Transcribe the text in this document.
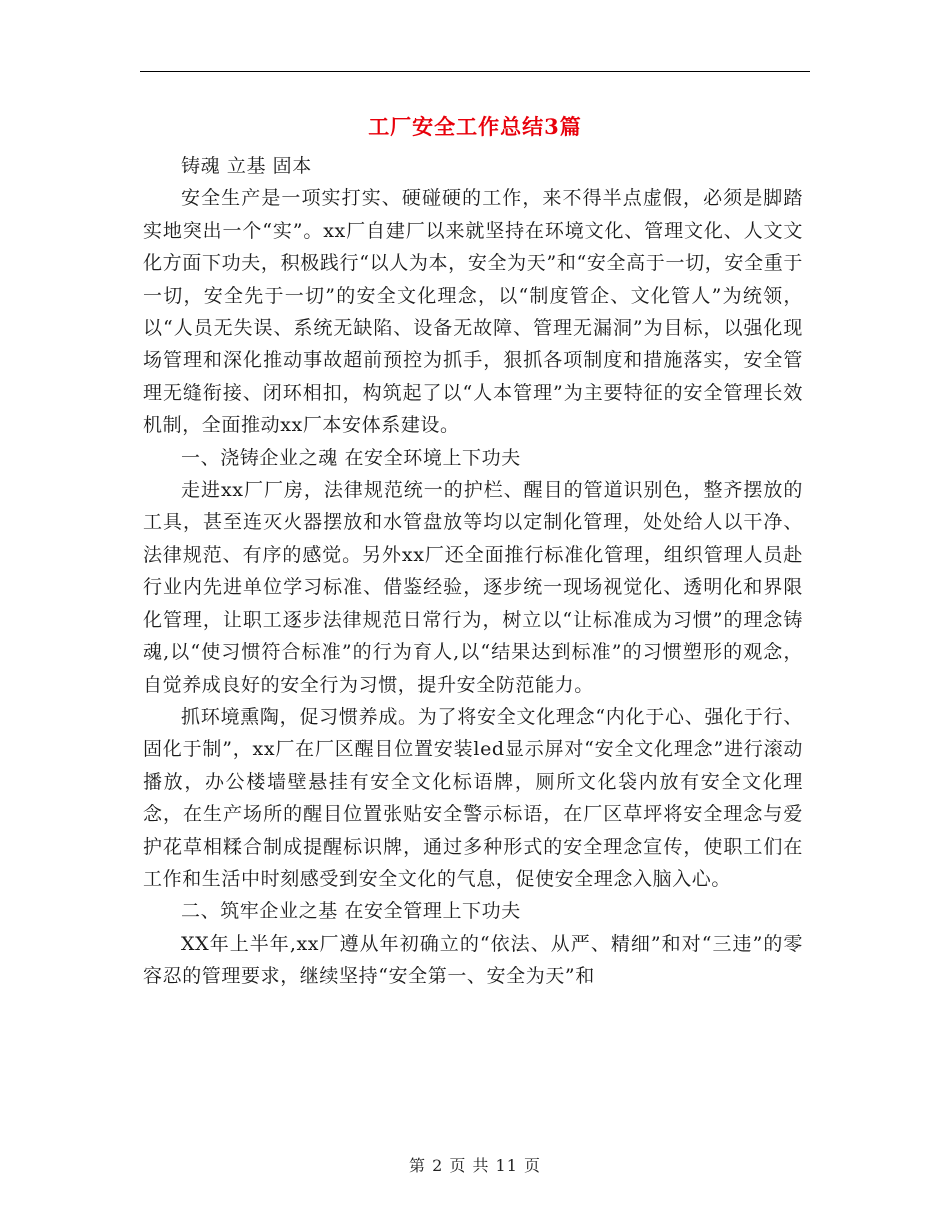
工厂安全工作总结3篇

铸魂 立基 固本

安全生产是一项实打实、硬碰硬的工作，来不得半点虚假，必须是脚踏实地突出一个“实”。xx厂自建厂以来就坚持在环境文化、管理文化、人文文化方面下功夫，积极践行“以人为本，安全为天”和“安全高于一切，安全重于一切，安全先于一切”的安全文化理念，以“制度管企、文化管人”为统领，以“人员无失误、系统无缺陷、设备无故障、管理无漏洞”为目标，以强化现场管理和深化推动事故超前预控为抓手，狠抓各项制度和措施落实，安全管理无缝衔接、闭环相扣，构筑起了以“人本管理”为主要特征的安全管理长效机制，全面推动xx厂本安体系建设。

一、浇铸企业之魂 在安全环境上下功夫

走进xx厂厂房，法律规范统一的护栏、醒目的管道识别色，整齐摆放的工具，甚至连灭火器摆放和水管盘放等均以定制化管理，处处给人以干净、法律规范、有序的感觉。另外xx厂还全面推行标准化管理，组织管理人员赴行业内先进单位学习标准、借鉴经验，逐步统一现场视觉化、透明化和界限化管理，让职工逐步法律规范日常行为，树立以“让标准成为习惯”的理念铸魂,以“使习惯符合标准”的行为育人,以“结果达到标准”的习惯塑形的观念，自觉养成良好的安全行为习惯，提升安全防范能力。

抓环境熏陶，促习惯养成。为了将安全文化理念“内化于心、强化于行、固化于制”，xx厂在厂区醒目位置安装led显示屏对“安全文化理念”进行滚动播放，办公楼墙壁悬挂有安全文化标语牌，厕所文化袋内放有安全文化理念，在生产场所的醒目位置张贴安全警示标语，在厂区草坪将安全理念与爱护花草相糅合制成提醒标识牌，通过多种形式的安全理念宣传，使职工们在工作和生活中时刻感受到安全文化的气息，促使安全理念入脑入心。

二、筑牢企业之基 在安全管理上下功夫

XX年上半年,xx厂遵从年初确立的“依法、从严、精细”和对“三违”的零容忍的管理要求，继续坚持“安全第一、安全为天”和

第 2 页 共 11 页
